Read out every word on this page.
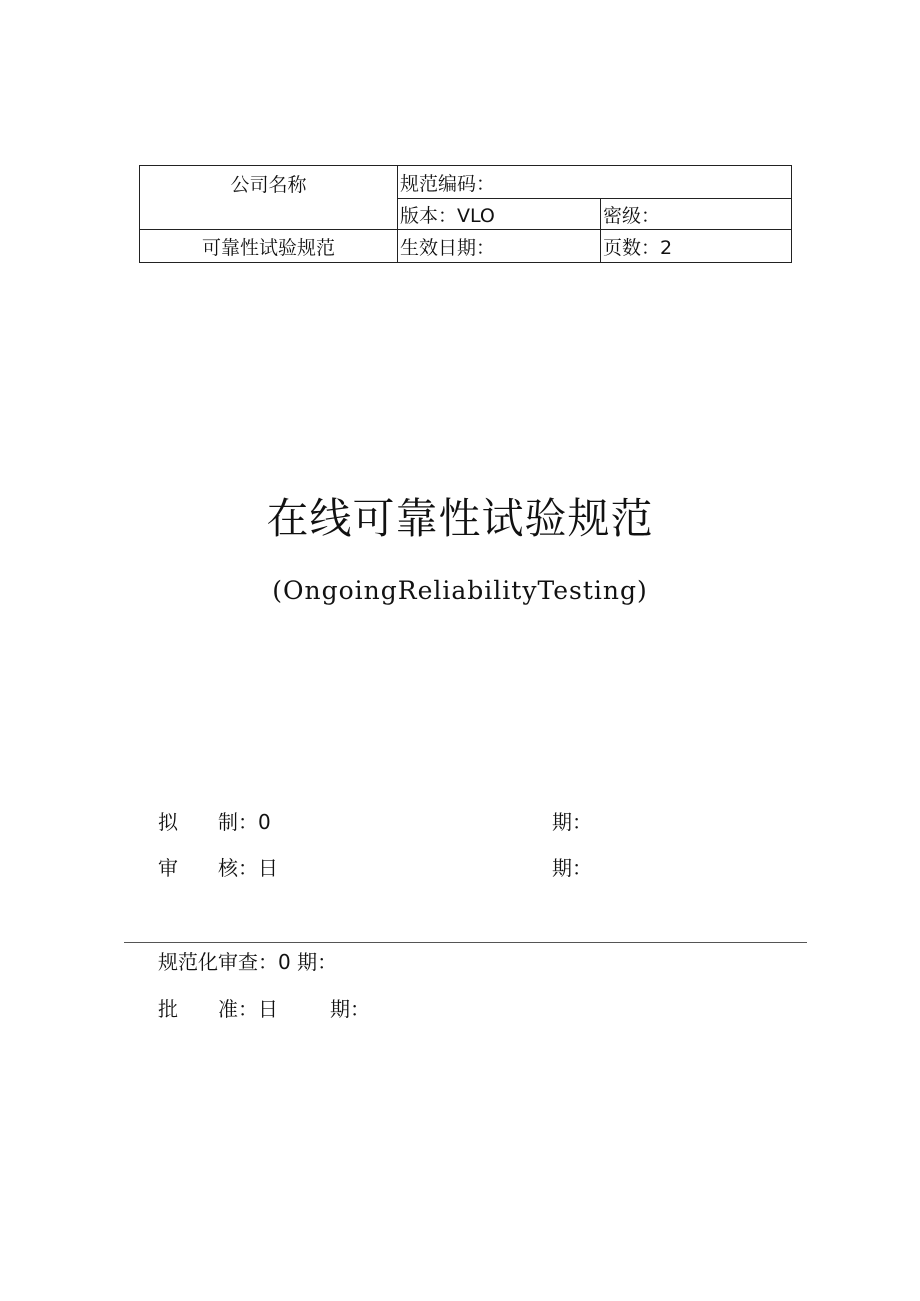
公司名称	规范编码：	
	版本：VLO	密级：
可靠性试验规范	生效日期：	页数：2
在线可靠性试验规范
(OngoingReliabilityTesting)
拟　　制：0	期：
审　　核：日	期：
规范化审查：0 期：
批　　准：日	期：
